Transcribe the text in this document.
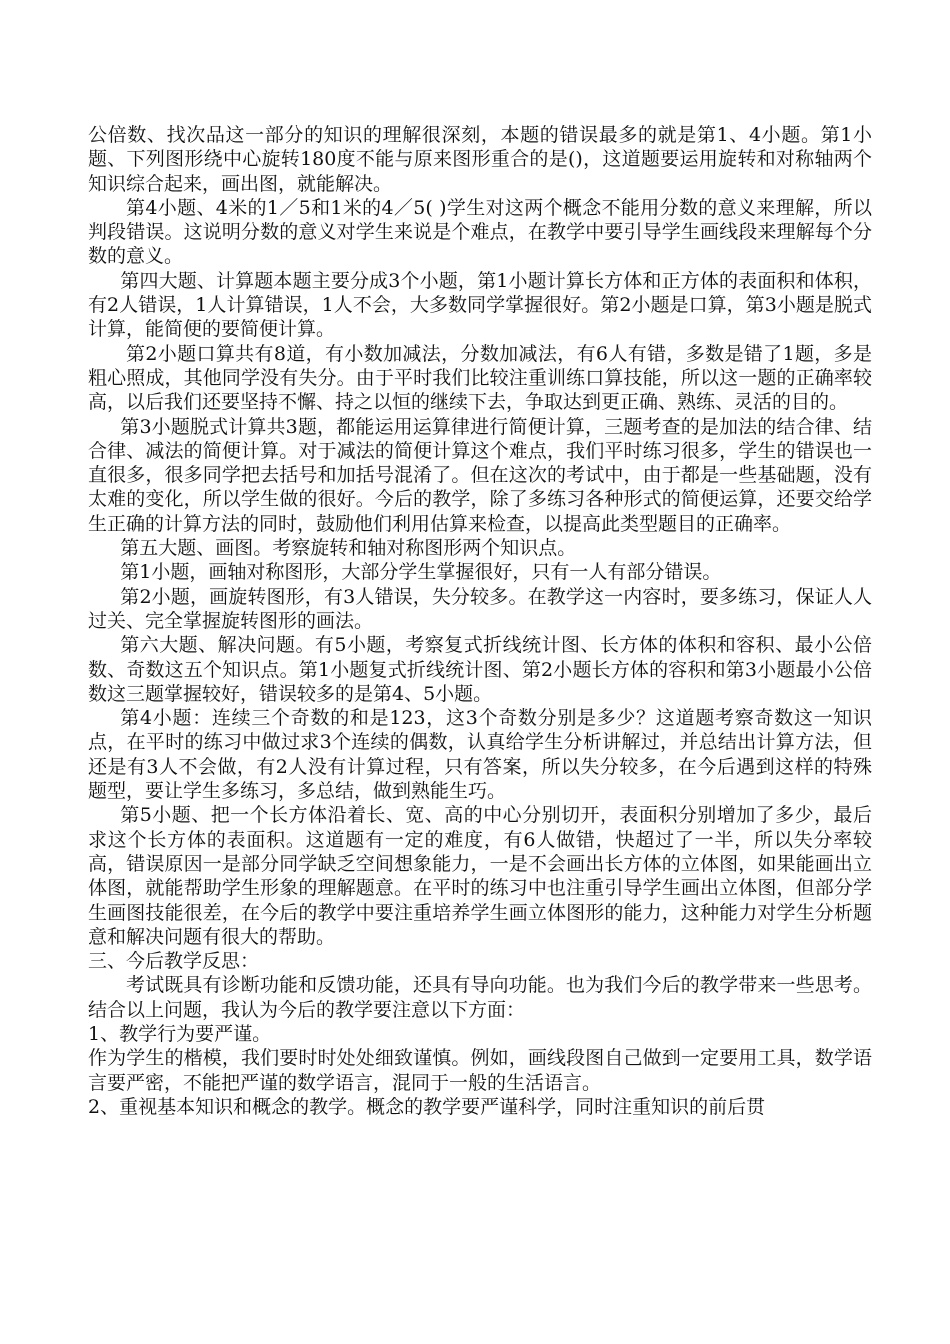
公倍数、找次品这一部分的知识的理解很深刻，本题的错误最多的就是第1、4小题。第1小题、下列图形绕中心旋转180度不能与原来图形重合的是()，这道题要运用旋转和对称轴两个知识综合起来，画出图，就能解决。

第4小题、4米的1／5和1米的4／5( )学生对这两个概念不能用分数的意义来理解，所以判段错误。这说明分数的意义对学生来说是个难点，在教学中要引导学生画线段来理解每个分数的意义。

第四大题、计算题本题主要分成3个小题，第1小题计算长方体和正方体的表面积和体积，有2人错误，1人计算错误，1人不会，大多数同学掌握很好。第2小题是口算，第3小题是脱式计算，能简便的要简便计算。

第2小题口算共有8道，有小数加减法，分数加减法，有6人有错，多数是错了1题，多是粗心照成，其他同学没有失分。由于平时我们比较注重训练口算技能，所以这一题的正确率较高，以后我们还要坚持不懈、持之以恒的继续下去，争取达到更正确、熟练、灵活的目的。

第3小题脱式计算共3题，都能运用运算律进行简便计算，三题考查的是加法的结合律、结合律、减法的简便计算。对于减法的简便计算这个难点，我们平时练习很多，学生的错误也一直很多，很多同学把去括号和加括号混淆了。但在这次的考试中，由于都是一些基础题，没有太难的变化，所以学生做的很好。今后的教学，除了多练习各种形式的简便运算，还要交给学生正确的计算方法的同时，鼓励他们利用估算来检查，以提高此类型题目的正确率。

第五大题、画图。考察旋转和轴对称图形两个知识点。

第1小题，画轴对称图形，大部分学生掌握很好，只有一人有部分错误。

第2小题，画旋转图形，有3人错误，失分较多。在教学这一内容时，要多练习，保证人人过关、完全掌握旋转图形的画法。

第六大题、解决问题。有5小题，考察复式折线统计图、长方体的体积和容积、最小公倍数、奇数这五个知识点。第1小题复式折线统计图、第2小题长方体的容积和第3小题最小公倍数这三题掌握较好，错误较多的是第4、5小题。

第4小题：连续三个奇数的和是123，这3个奇数分别是多少？这道题考察奇数这一知识点，在平时的练习中做过求3个连续的偶数，认真给学生分析讲解过，并总结出计算方法，但还是有3人不会做，有2人没有计算过程，只有答案，所以失分较多，在今后遇到这样的特殊题型，要让学生多练习，多总结，做到熟能生巧。

第5小题、把一个长方体沿着长、宽、高的中心分别切开，表面积分别增加了多少，最后求这个长方体的表面积。这道题有一定的难度，有6人做错，快超过了一半，所以失分率较高，错误原因一是部分同学缺乏空间想象能力，一是不会画出长方体的立体图，如果能画出立体图，就能帮助学生形象的理解题意。在平时的练习中也注重引导学生画出立体图，但部分学生画图技能很差，在今后的教学中要注重培养学生画立体图形的能力，这种能力对学生分析题意和解决问题有很大的帮助。

三、今后教学反思：

考试既具有诊断功能和反馈功能，还具有导向功能。也为我们今后的教学带来一些思考。结合以上问题，我认为今后的教学要注意以下方面：

1、教学行为要严谨。

作为学生的楷模，我们要时时处处细致谨慎。例如，画线段图自己做到一定要用工具，数学语言要严密，不能把严谨的数学语言，混同于一般的生活语言。

2、重视基本知识和概念的教学。概念的教学要严谨科学，同时注重知识的前后贯
